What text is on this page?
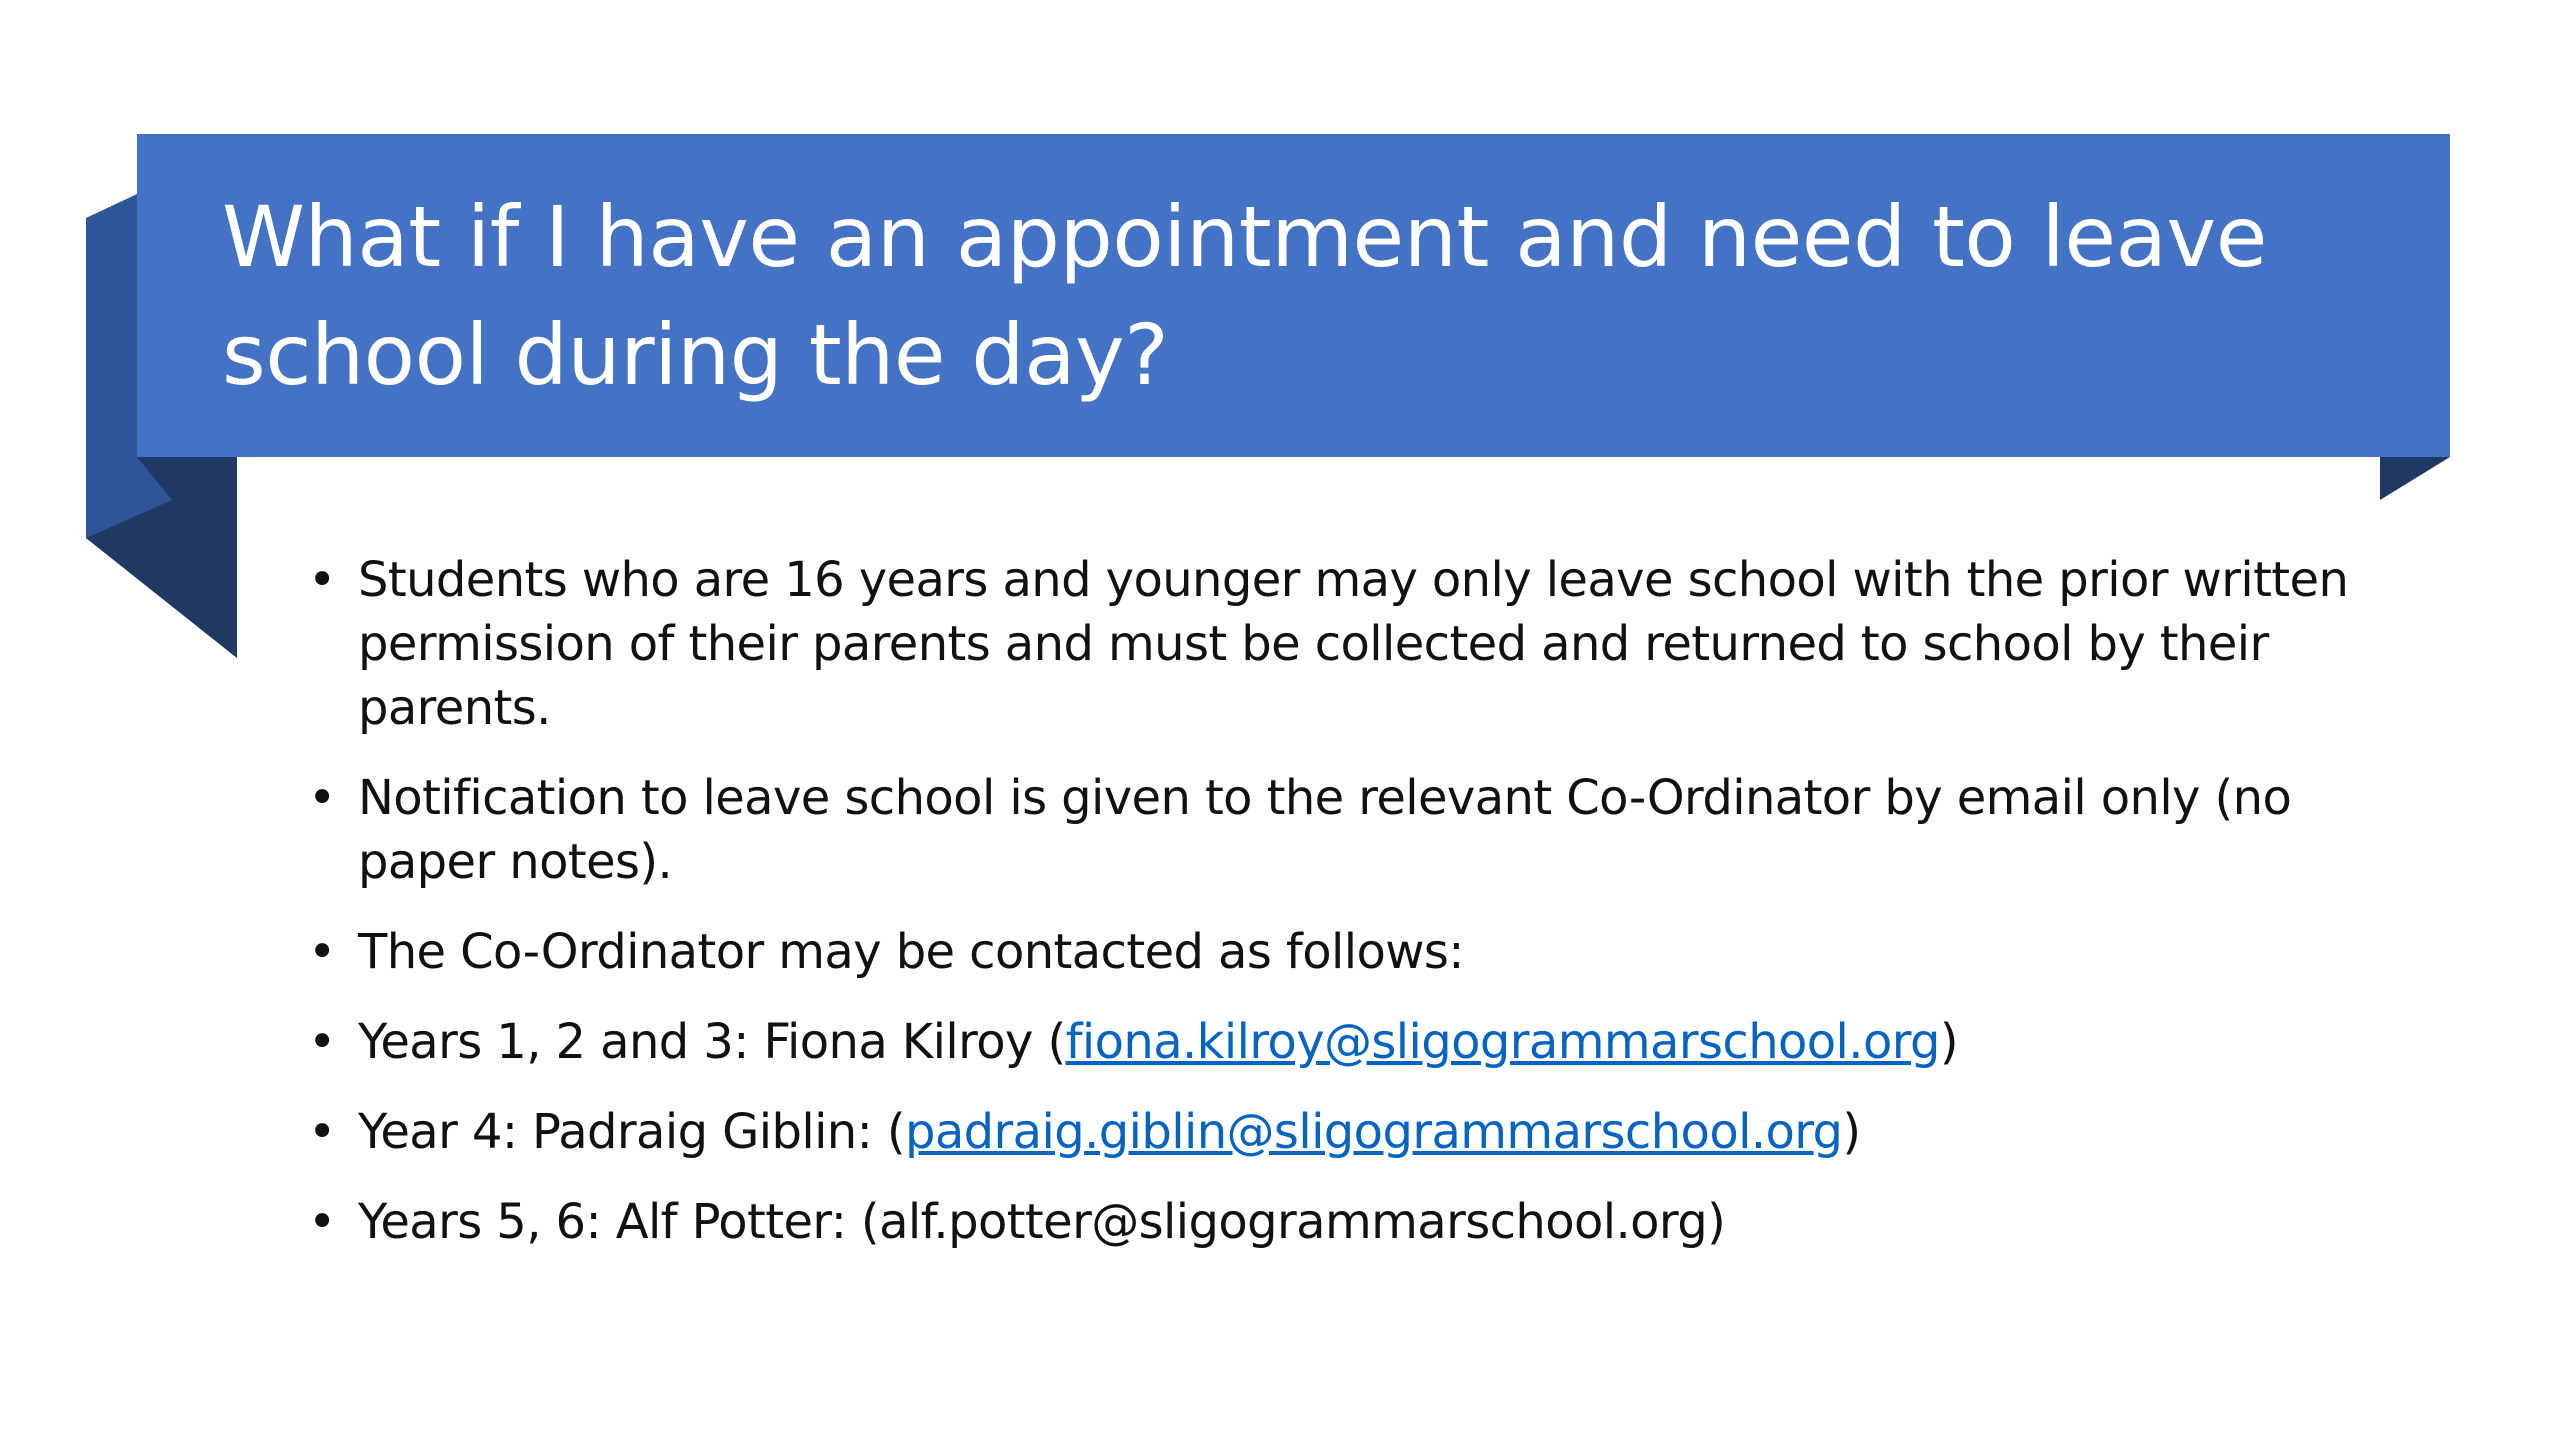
What if I have an appointment and need to leave school during the day?
• Students who are 16 years and younger may only leave school with the prior written permission of their parents and must be collected and returned to school by their parents.
• Notification to leave school is given to the relevant Co-Ordinator by email only (no paper notes).
• The Co-Ordinator may be contacted as follows:
• Years 1, 2 and 3: Fiona Kilroy (fiona.kilroy@sligogrammarschool.org)
• Year 4: Padraig Giblin: (padraig.giblin@sligogrammarschool.org)
• Years 5, 6: Alf Potter: (alf.potter@sligogrammarschool.org)
